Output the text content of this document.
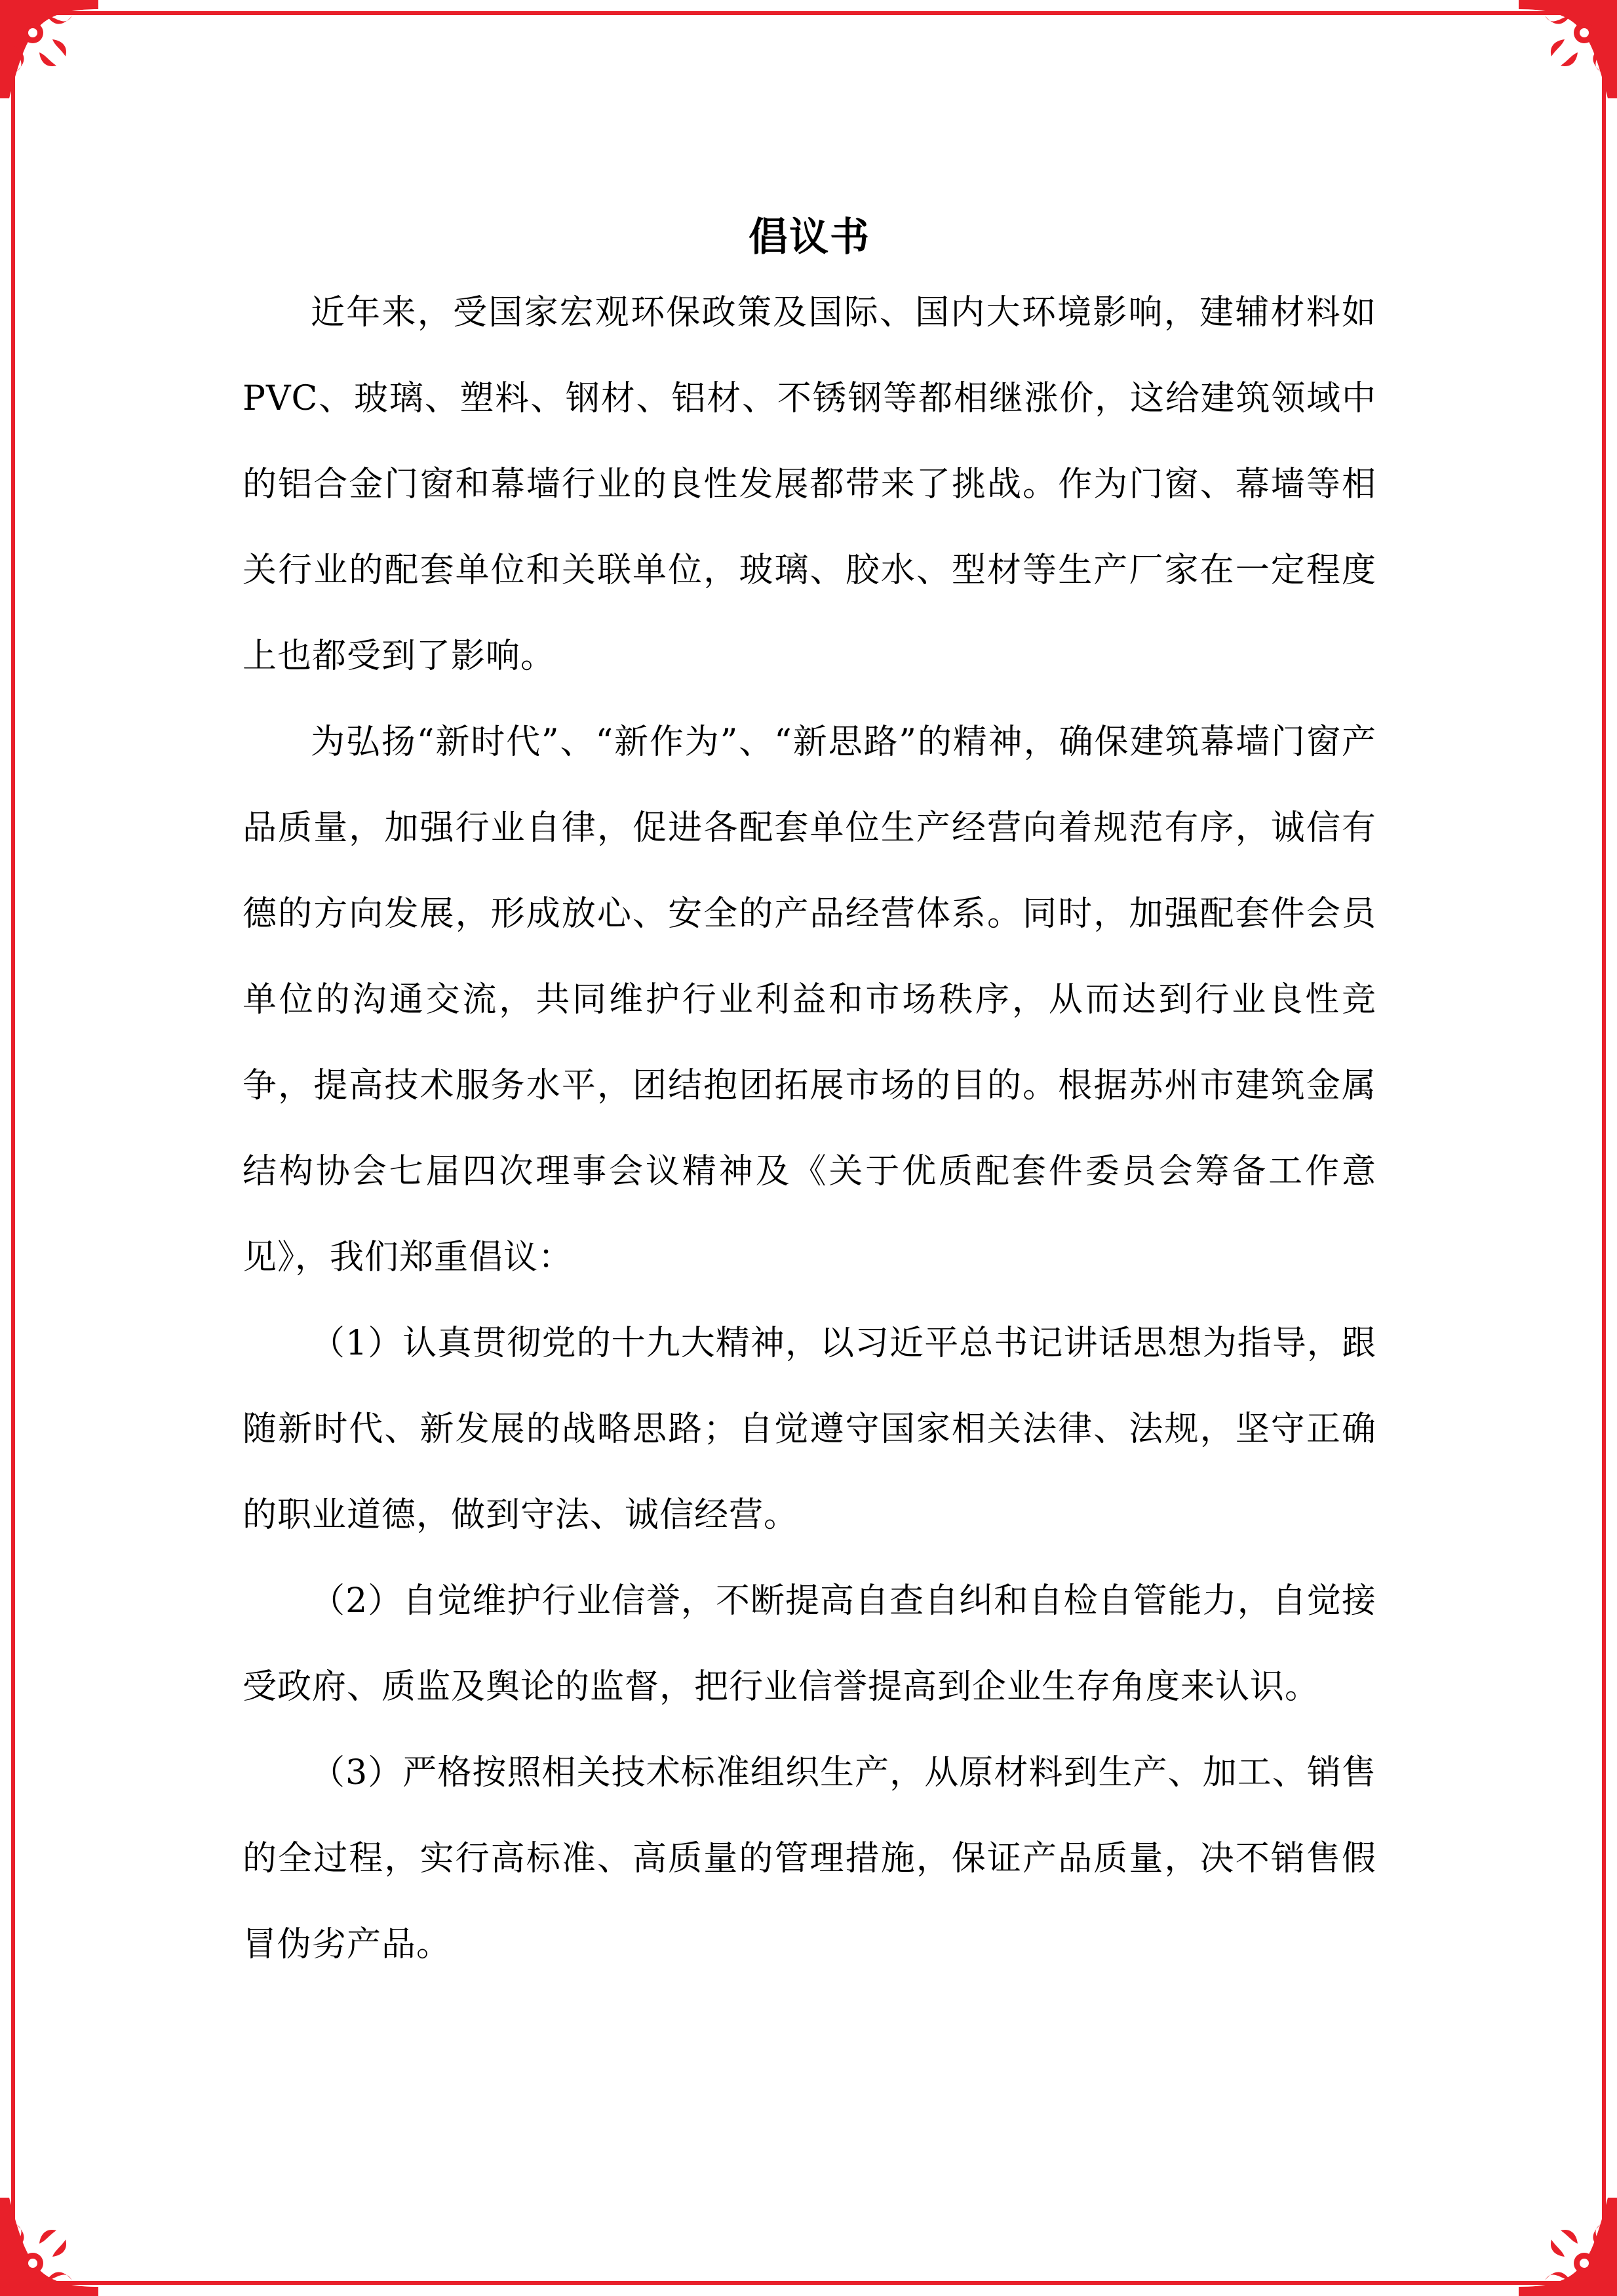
倡议书

近年来，受国家宏观环保政策及国际、国内大环境影响，建辅材料如PVC、玻璃、塑料、钢材、铝材、不锈钢等都相继涨价，这给建筑领域中的铝合金门窗和幕墙行业的良性发展都带来了挑战。作为门窗、幕墙等相关行业的配套单位和关联单位，玻璃、胶水、型材等生产厂家在一定程度上也都受到了影响。

为弘扬“新时代”、“新作为”、“新思路”的精神，确保建筑幕墙门窗产品质量，加强行业自律，促进各配套单位生产经营向着规范有序，诚信有德的方向发展，形成放心、安全的产品经营体系。同时，加强配套件会员单位的沟通交流，共同维护行业利益和市场秩序，从而达到行业良性竞争，提高技术服务水平，团结抱团拓展市场的目的。根据苏州市建筑金属结构协会七届四次理事会议精神及《关于优质配套件委员会筹备工作意见》，我们郑重倡议：

（1）认真贯彻党的十九大精神，以习近平总书记讲话思想为指导，跟随新时代、新发展的战略思路；自觉遵守国家相关法律、法规，坚守正确的职业道德，做到守法、诚信经营。

（2）自觉维护行业信誉，不断提高自查自纠和自检自管能力，自觉接受政府、质监及舆论的监督，把行业信誉提高到企业生存角度来认识。

（3）严格按照相关技术标准组织生产，从原材料到生产、加工、销售的全过程，实行高标准、高质量的管理措施，保证产品质量，决不销售假冒伪劣产品。
